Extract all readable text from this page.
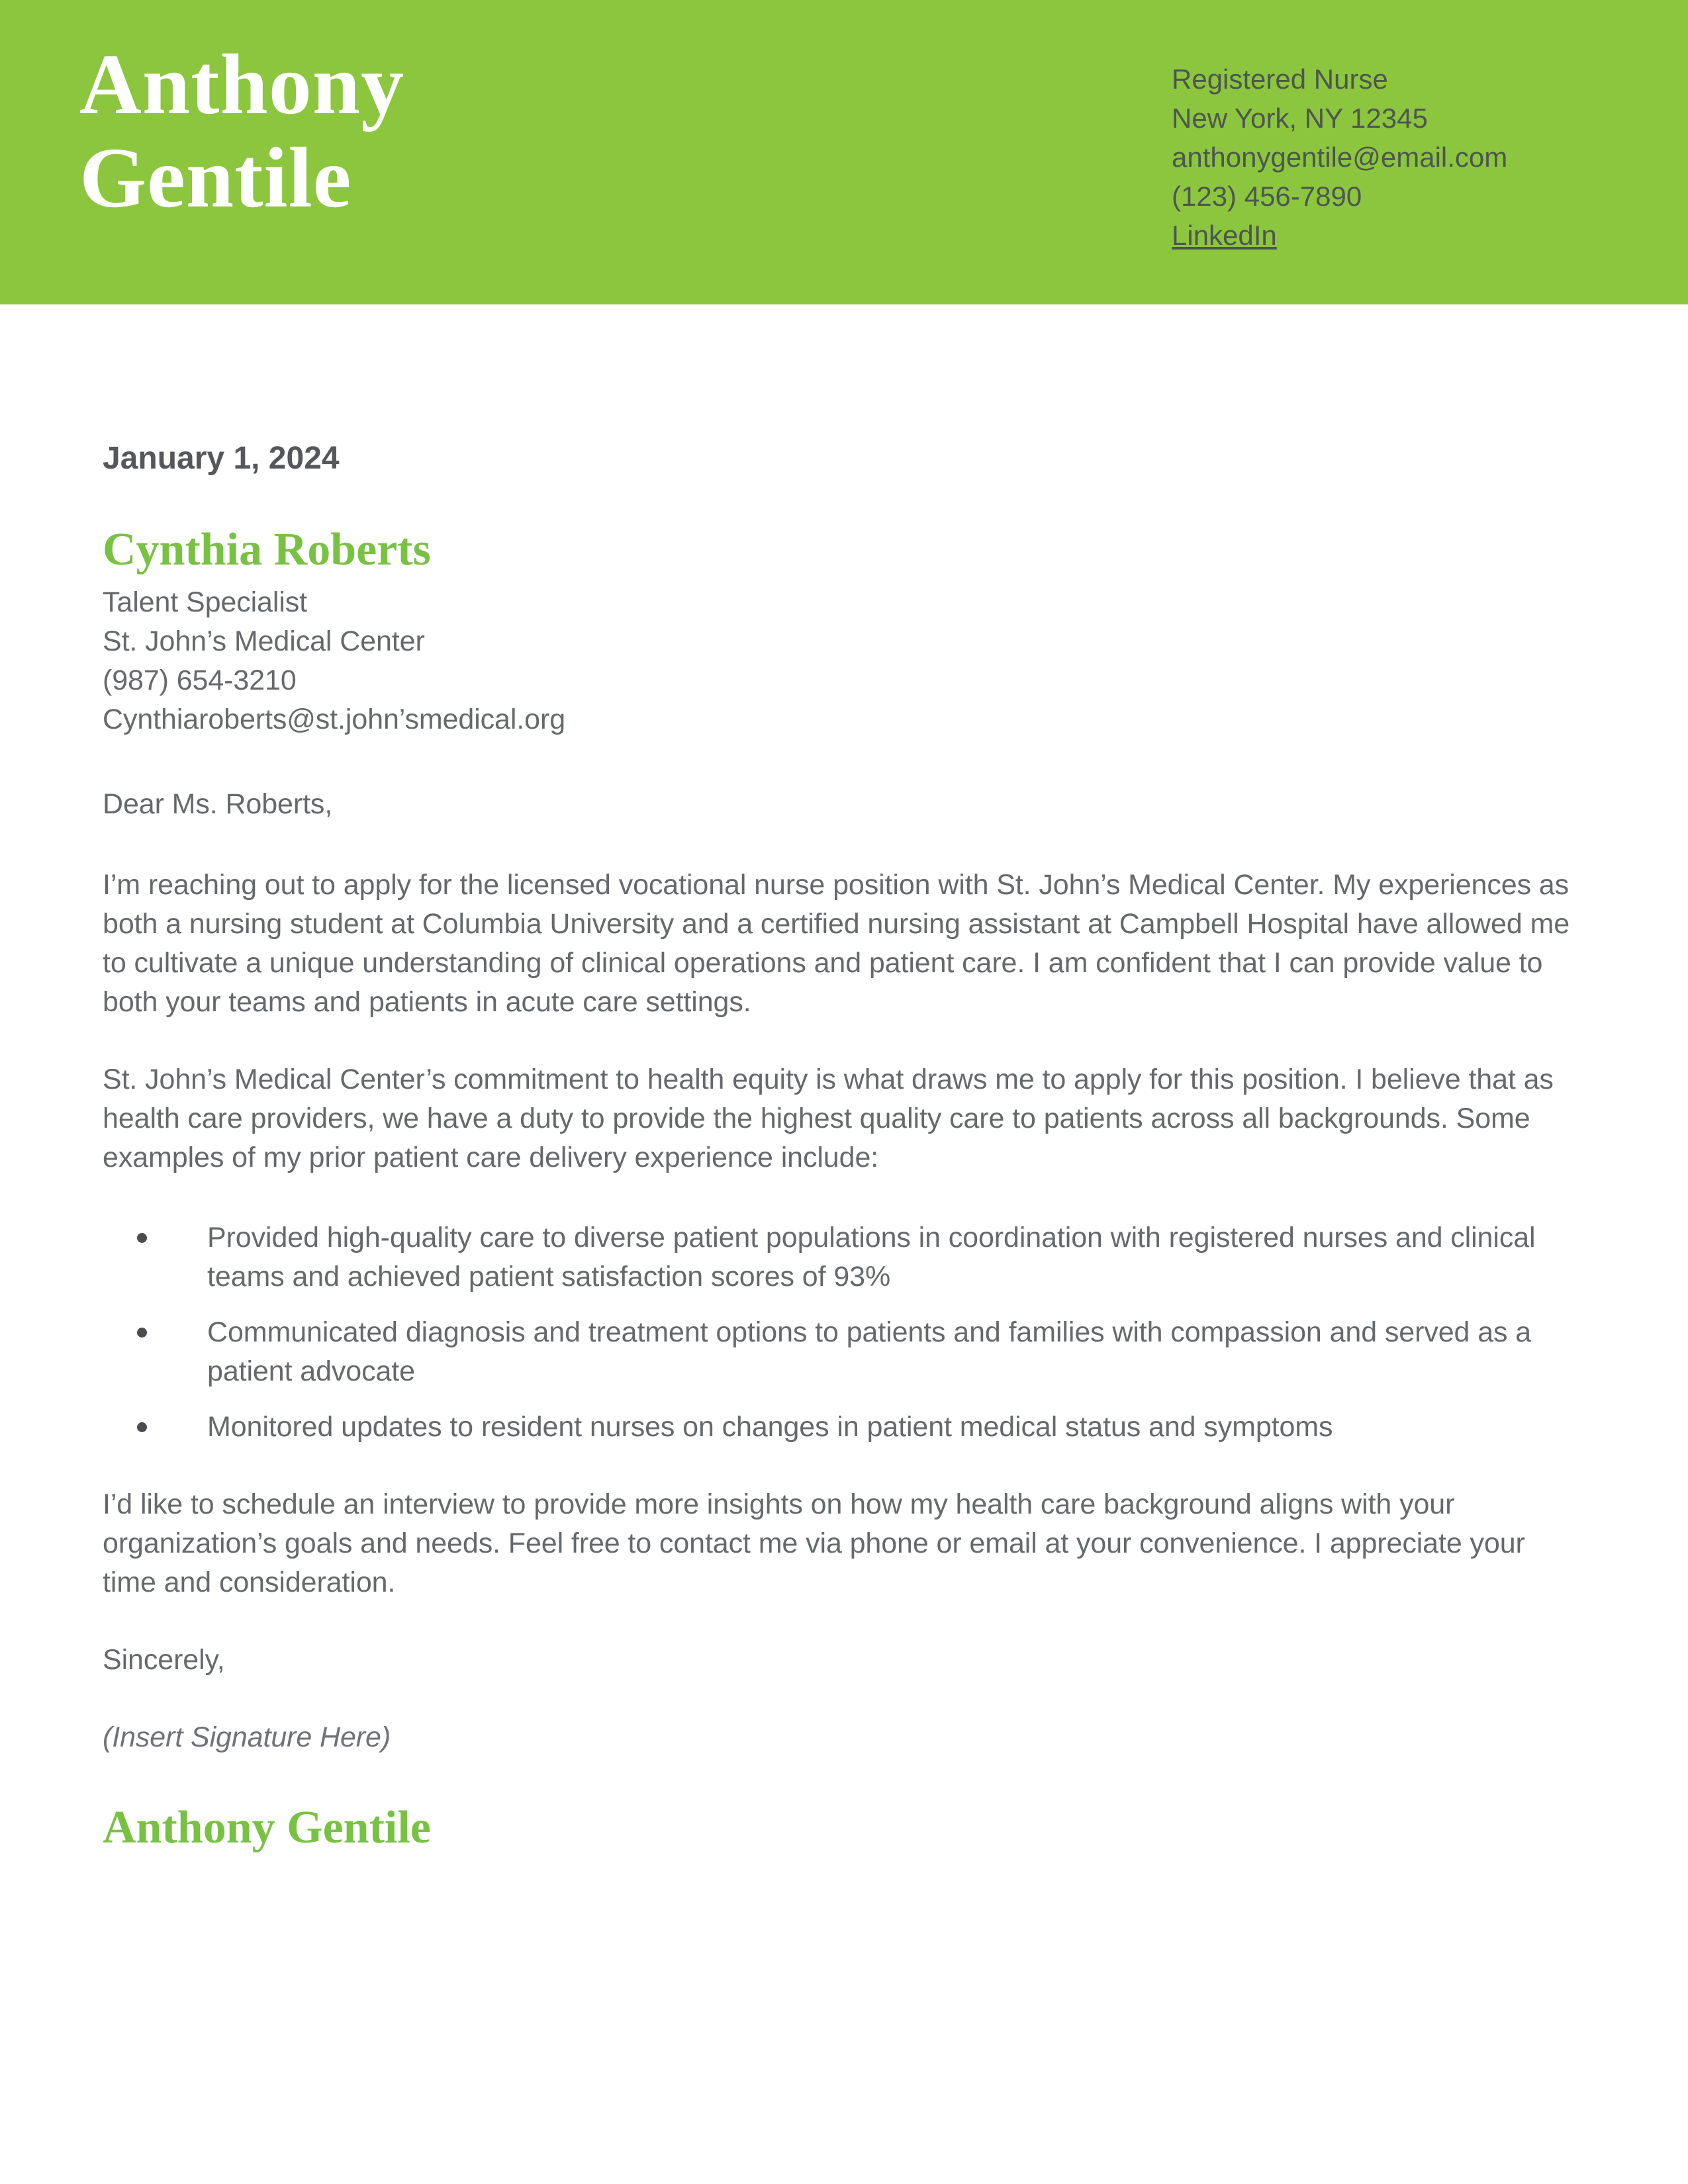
Anthony
Gentile
Registered Nurse
New York, NY 12345
anthonygentile@email.com
(123) 456-7890
LinkedIn

January 1, 2024

Cynthia Roberts
Talent Specialist
St. John’s Medical Center
(987) 654-3210
Cynthiaroberts@st.john’smedical.org

Dear Ms. Roberts,

I’m reaching out to apply for the licensed vocational nurse position with St. John’s Medical Center. My experiences as both a nursing student at Columbia University and a certified nursing assistant at Campbell Hospital have allowed me to cultivate a unique understanding of clinical operations and patient care. I am confident that I can provide value to both your teams and patients in acute care settings.

St. John’s Medical Center’s commitment to health equity is what draws me to apply for this position. I believe that as health care providers, we have a duty to provide the highest quality care to patients across all backgrounds. Some examples of my prior patient care delivery experience include:

Provided high-quality care to diverse patient populations in coordination with registered nurses and clinical teams and achieved patient satisfaction scores of 93%
Communicated diagnosis and treatment options to patients and families with compassion and served as a patient advocate
Monitored updates to resident nurses on changes in patient medical status and symptoms

I’d like to schedule an interview to provide more insights on how my health care background aligns with your organization’s goals and needs. Feel free to contact me via phone or email at your convenience. I appreciate your time and consideration.

Sincerely,

(Insert Signature Here)

Anthony Gentile
